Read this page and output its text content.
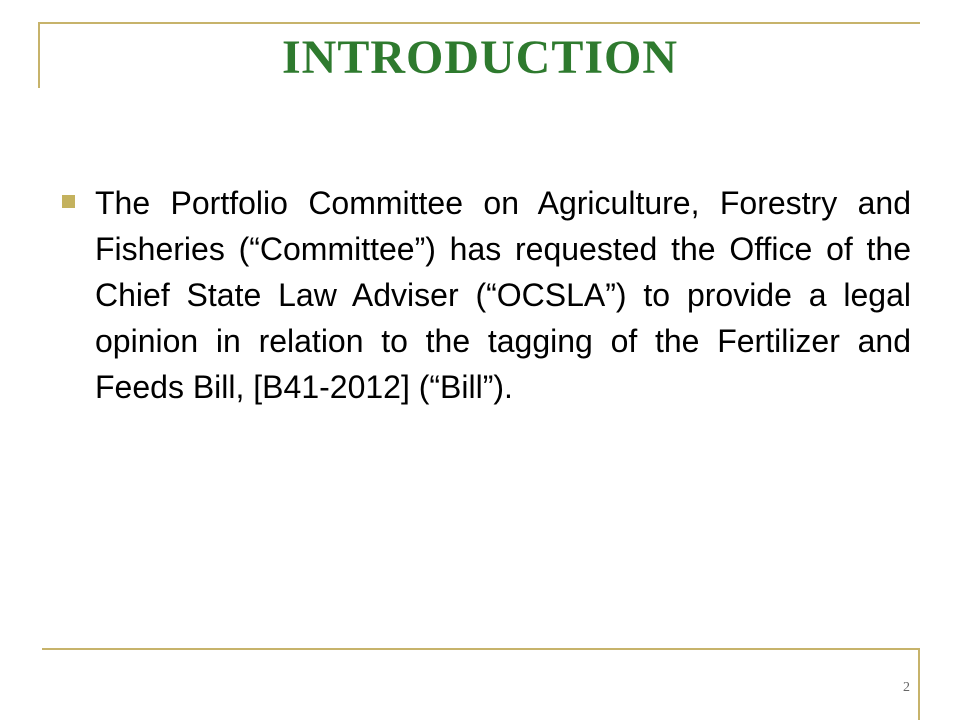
INTRODUCTION

The Portfolio Committee on Agriculture, Forestry and Fisheries (“Committee”) has requested the Office of the Chief State Law Adviser (“OCSLA”) to provide a legal opinion in relation to the tagging of the Fertilizer and Feeds Bill, [B41-2012] (“Bill”).

2
